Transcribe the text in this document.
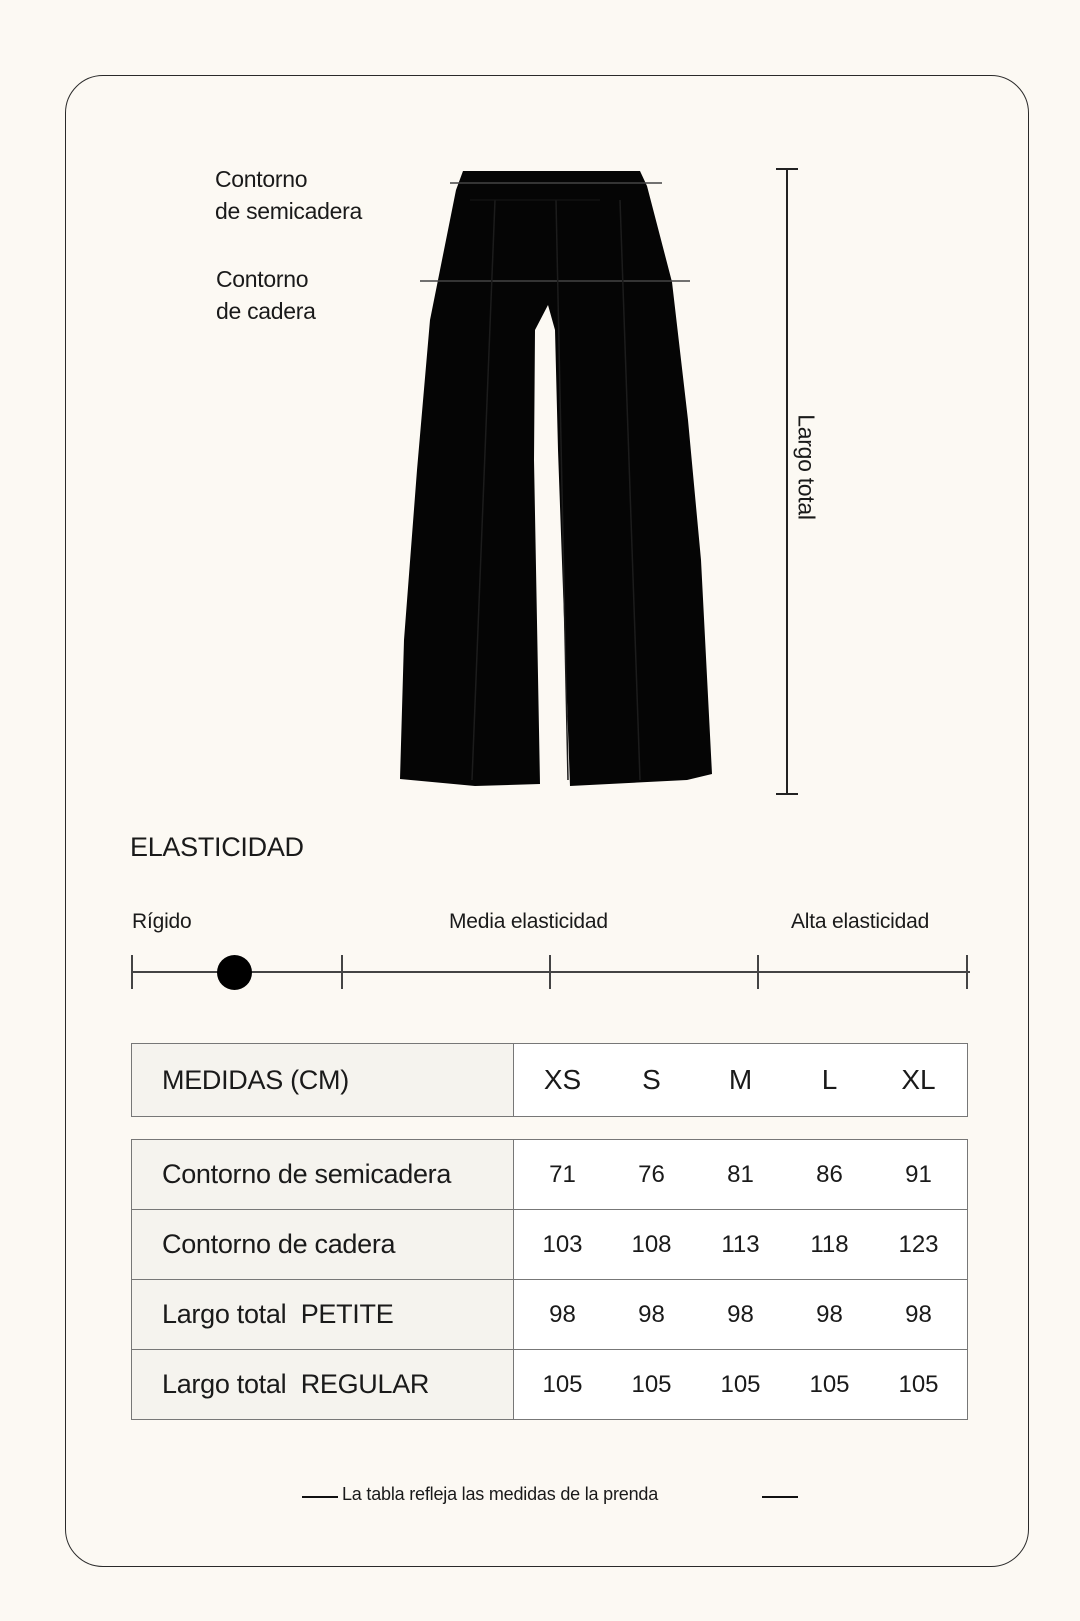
Contorno
de semicadera
Contorno
de cadera
Largo total
ELASTICIDAD
Rígido	Media elasticidad	Alta elasticidad
MEDIDAS (CM)	XS	S	M	L	XL
Contorno de semicadera	71 76 81 86 91

Contorno de cadera	103 108 113 118 123

Largo total  PETITE	98 98 98 98 98

Largo total  REGULAR	105 105 105 105 105
La tabla refleja las medidas de la prenda
